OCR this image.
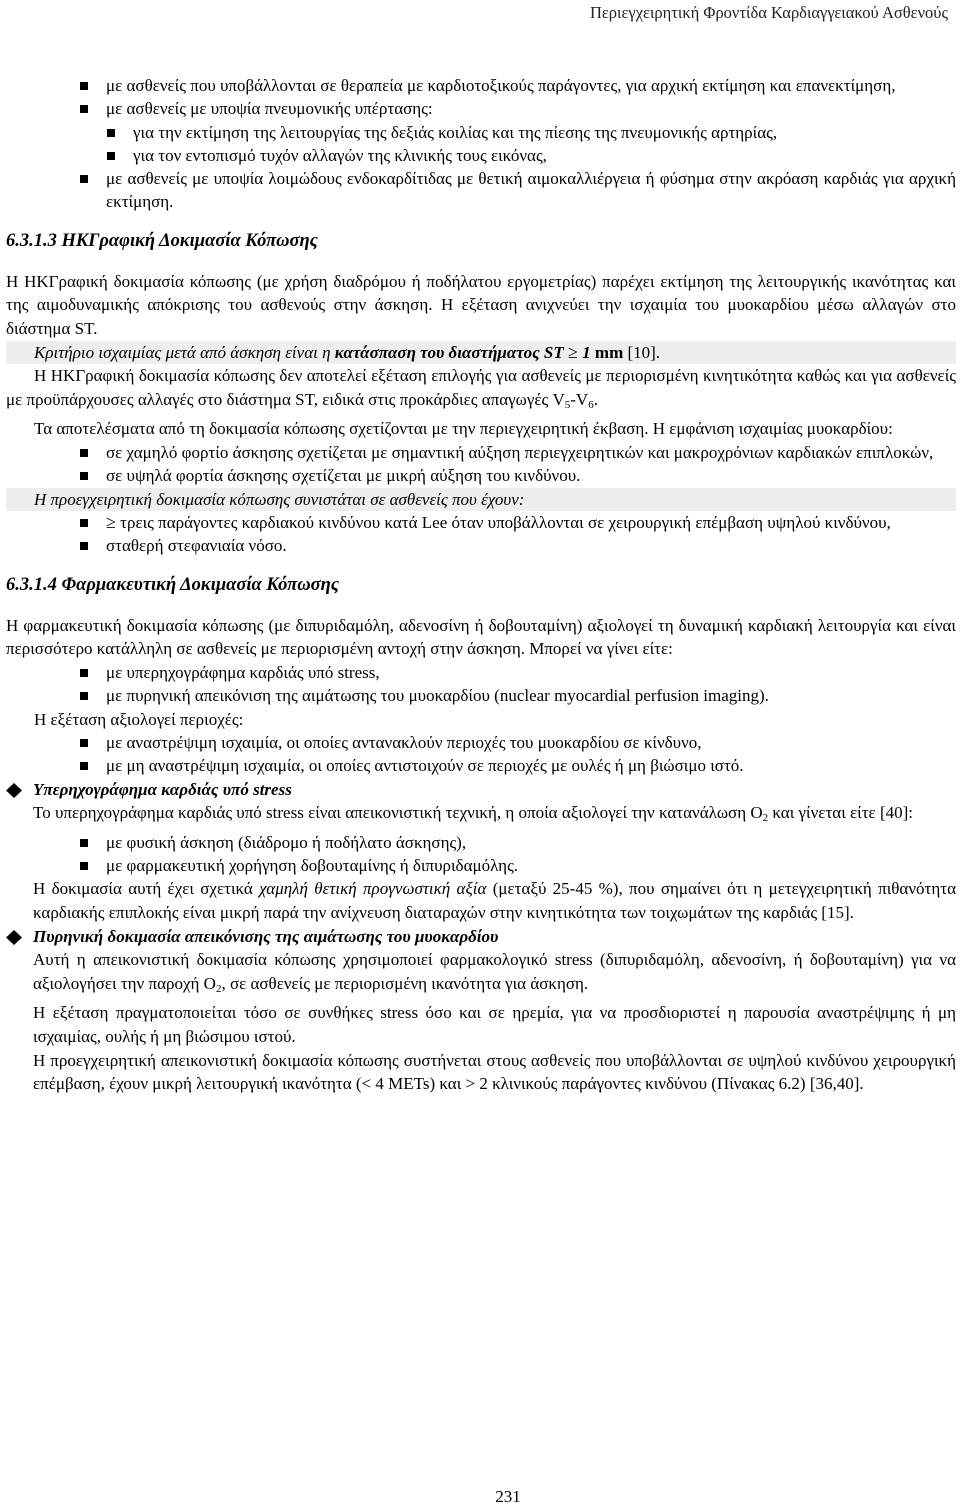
Περιεγχειρητική Φροντίδα Καρδιαγγειακού Ασθενούς
με ασθενείς που υποβάλλονται σε θεραπεία με καρδιοτοξικούς παράγοντες, για αρχική εκτίμηση και επανεκτίμηση,
με ασθενείς με υποψία πνευμονικής υπέρτασης:
για την εκτίμηση της λειτουργίας της δεξιάς κοιλίας και της πίεσης της πνευμονικής αρτηρίας,
για τον εντοπισμό τυχόν αλλαγών της κλινικής τους εικόνας,
με ασθενείς με υποψία λοιμώδους ενδοκαρδίτιδας με θετική αιμοκαλλιέργεια ή φύσημα στην ακρόαση καρδιάς για αρχική εκτίμηση.
6.3.1.3 ΗΚΓραφική Δοκιμασία Κόπωσης
Η ΗΚΓραφική δοκιμασία κόπωσης (με χρήση διαδρόμου ή ποδήλατου εργομετρίας) παρέχει εκτίμηση της λειτουργικής ικανότητας και της αιμοδυναμικής απόκρισης του ασθενούς στην άσκηση. Η εξέταση ανιχνεύει την ισχαιμία του μυοκαρδίου μέσω αλλαγών στο διάστημα ST.
Κριτήριο ισχαιμίας μετά από άσκηση είναι η κατάσπαση του διαστήματος ST ≥ 1 mm [10].
Η ΗΚΓραφική δοκιμασία κόπωσης δεν αποτελεί εξέταση επιλογής για ασθενείς με περιορισμένη κινητικότητα καθώς και για ασθενείς με προϋπάρχουσες αλλαγές στο διάστημα ST, ειδικά στις προκάρδιες απαγωγές $V_5-V_6$.
Τα αποτελέσματα από τη δοκιμασία κόπωσης σχετίζονται με την περιεγχειρητική έκβαση. Η εμφάνιση ισχαιμίας μυοκαρδίου:
σε χαμηλό φορτίο άσκησης σχετίζεται με σημαντική αύξηση περιεγχειρητικών και μακροχρόνιων καρδιακών επιπλοκών,
σε υψηλά φορτία άσκησης σχετίζεται με μικρή αύξηση του κινδύνου.
Η προεγχειρητική δοκιμασία κόπωσης συνιστάται σε ασθενείς που έχουν:
≥ τρεις παράγοντες καρδιακού κινδύνου κατά Lee όταν υποβάλλονται σε χειρουργική επέμβαση υψηλού κινδύνου,
σταθερή στεφανιαία νόσο.
6.3.1.4 Φαρμακευτική Δοκιμασία Κόπωσης
Η φαρμακευτική δοκιμασία κόπωσης (με διπυριδαμόλη, αδενοσίνη ή δοβουταμίνη) αξιολογεί τη δυναμική καρδιακή λειτουργία και είναι περισσότερο κατάλληλη σε ασθενείς με περιορισμένη αντοχή στην άσκηση. Μπορεί να γίνει είτε:
με υπερηχογράφημα καρδιάς υπό stress,
με πυρηνική απεικόνιση της αιμάτωσης του μυοκαρδίου (nuclear myocardial perfusion imaging).
Η εξέταση αξιολογεί περιοχές:
με αναστρέψιμη ισχαιμία, οι οποίες αντανακλούν περιοχές του μυοκαρδίου σε κίνδυνο,
με μη αναστρέψιμη ισχαιμία, οι οποίες αντιστοιχούν σε περιοχές με ουλές ή μη βιώσιμο ιστό.
Υπερηχογράφημα καρδιάς υπό stress
Το υπερηχογράφημα καρδιάς υπό stress είναι απεικονιστική τεχνική, η οποία αξιολογεί την κατανάλωση $O_2$ και γίνεται είτε [40]:
με φυσική άσκηση (διάδρομο ή ποδήλατο άσκησης),
με φαρμακευτική χορήγηση δοβουταμίνης ή διπυριδαμόλης.
Η δοκιμασία αυτή έχει σχετικά χαμηλή θετική προγνωστική αξία (μεταξύ 25-45 %), που σημαίνει ότι η μετεγχειρητική πιθανότητα καρδιακής επιπλοκής είναι μικρή παρά την ανίχνευση διαταραχών στην κινητικότητα των τοιχωμάτων της καρδιάς [15].
Πυρηνική δοκιμασία απεικόνισης της αιμάτωσης του μυοκαρδίου
Αυτή η απεικονιστική δοκιμασία κόπωσης χρησιμοποιεί φαρμακολογικό stress (διπυριδαμόλη, αδενοσίνη, ή δοβουταμίνη) για να αξιολογήσει την παροχή $O_2$, σε ασθενείς με περιορισμένη ικανότητα για άσκηση.
Η εξέταση πραγματοποιείται τόσο σε συνθήκες stress όσο και σε ηρεμία, για να προσδιοριστεί η παρουσία αναστρέψιμης ή μη ισχαιμίας, ουλής ή μη βιώσιμου ιστού.
Η προεγχειρητική απεικονιστική δοκιμασία κόπωσης συστήνεται στους ασθενείς που υποβάλλονται σε υψηλού κινδύνου χειρουργική επέμβαση, έχουν μικρή λειτουργική ικανότητα (< 4 METs) και > 2 κλινικούς παράγοντες κινδύνου (Πίνακας 6.2) [36,40].
231
